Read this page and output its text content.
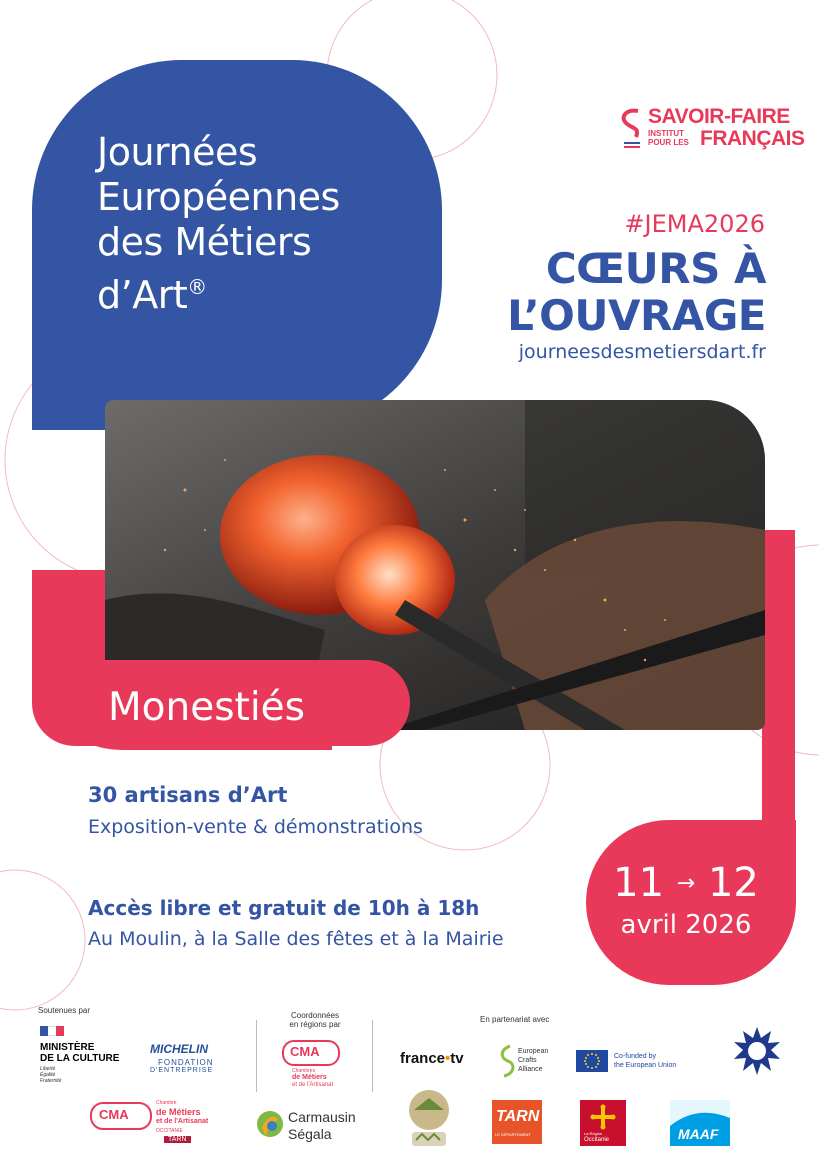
Journées
Européennes
des Métiers
d’Art®
SAVOIR-FAIRE
INSTITUT
POUR LES FRANÇAIS
#JEMA2026
CŒURS À
L’OUVRAGE
journeesdesmetiersdart.fr
Monestiés
30 artisans d’Art
Exposition-vente & démonstrations
Accès libre et gratuit de 10h à 18h
Au Moulin, à la Salle des fêtes et à la Mairie
11 → 12
avril 2026
Soutenues par
Coordonnées
en régions par
En partenariat avec
MINISTÈRE
DE LA CULTURE
Liberté
Égalité
Fraternité
MICHELIN
FONDATION
D'ENTREPRISE
CMA
Chambres
de Métiers
et de l'Artisanat
france•tv	European
Crafts
Alliance
Co-funded by
the European Union
CMA
Chambre
de Métiers
et de l'Artisanat
OCCITANIE
TARN
Carmausin
Ségala
TARN
LE DÉPARTEMENT	La Région
Occitanie	MAAF
